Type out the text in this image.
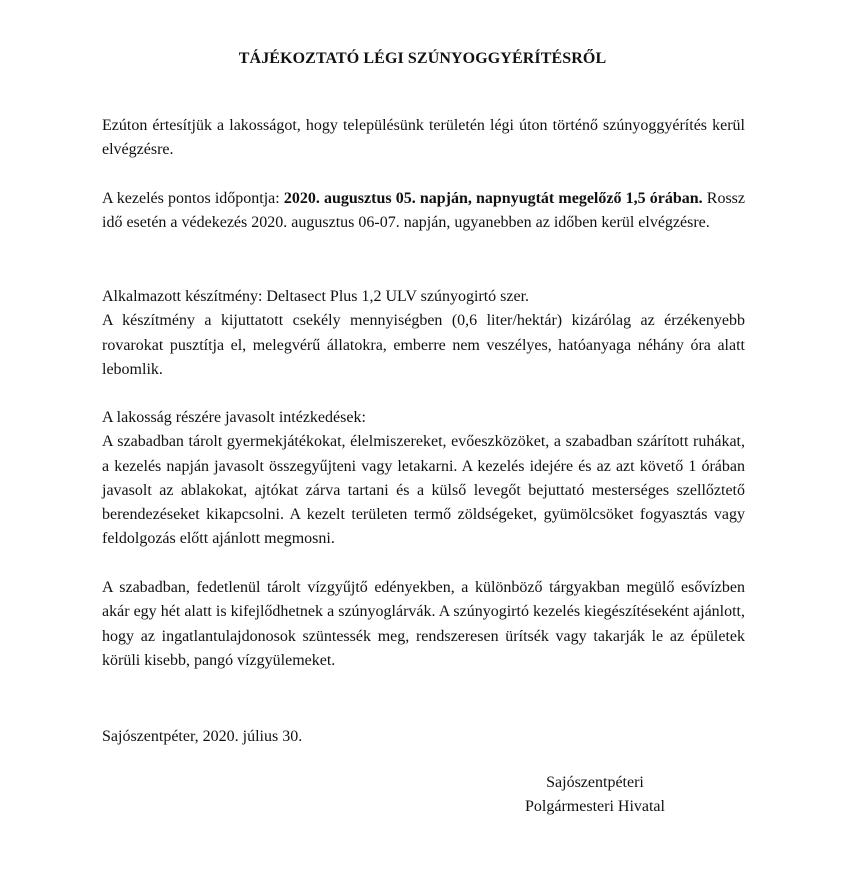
TÁJÉKOZTATÓ LÉGI SZÚNYOGGYÉRÍTÉSRŐL

Ezúton értesítjük a lakosságot, hogy településünk területén légi úton történő szúnyoggyérítés kerül elvégzésre.

A kezelés pontos időpontja: 2020. augusztus 05. napján, napnyugtát megelőző 1,5 órában. Rossz idő esetén a védekezés 2020. augusztus 06-07. napján, ugyanebben az időben kerül elvégzésre.

Alkalmazott készítmény: Deltasect Plus 1,2 ULV szúnyogirtó szer.

A készítmény a kijuttatott csekély mennyiségben (0,6 liter/hektár) kizárólag az érzékenyebb rovarokat pusztítja el, melegvérű állatokra, emberre nem veszélyes, hatóanyaga néhány óra alatt lebomlik.

A lakosság részére javasolt intézkedések:

A szabadban tárolt gyermekjátékokat, élelmiszereket, evőeszközöket, a szabadban szárított ruhákat, a kezelés napján javasolt összegyűjteni vagy letakarni. A kezelés idejére és az azt követő 1 órában javasolt az ablakokat, ajtókat zárva tartani és a külső levegőt bejuttató mesterséges szellőztető berendezéseket kikapcsolni. A kezelt területen termő zöldségeket, gyümölcsöket fogyasztás vagy feldolgozás előtt ajánlott megmosni.

A szabadban, fedetlenül tárolt vízgyűjtő edényekben, a különböző tárgyakban megülő esővízben akár egy hét alatt is kifejlődhetnek a szúnyoglárvák. A szúnyogirtó kezelés kiegészítéseként ajánlott, hogy az ingatlantulajdonosok szüntessék meg, rendszeresen ürítsék vagy takarják le az épületek körüli kisebb, pangó vízgyülemeket.

Sajószentpéter, 2020. július 30.
Sajószentpéteri
Polgármesteri Hivatal
